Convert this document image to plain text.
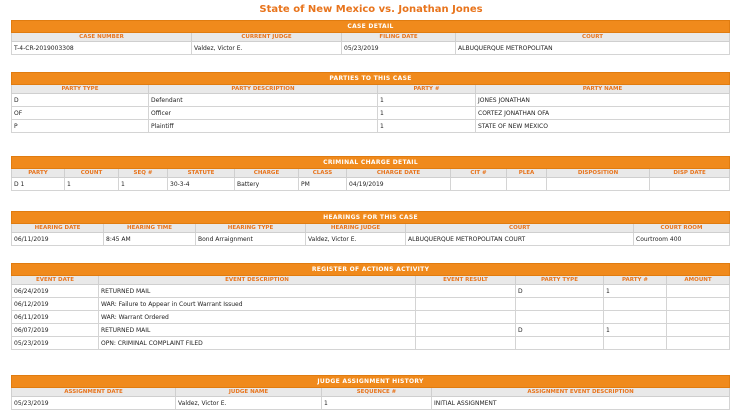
State of New Mexico vs. Jonathan Jones
CASE DETAIL			
CASE NUMBER	CURRENT JUDGE	FILING DATE	COURT
T-4-CR-2019003308	Valdez, Victor E.	05/23/2019	ALBUQUERQUE METROPOLITAN
PARTIES TO THIS CASE			
PARTY TYPE	PARTY DESCRIPTION	PARTY #	PARTY NAME
D	Defendant	1	JONES JONATHAN
OF	Officer	1	CORTEZ JONATHAN OFA
P	Plaintiff	1	STATE OF NEW MEXICO
CRIMINAL CHARGE DETAIL										
PARTY	COUNT	SEQ #	STATUTE	CHARGE	CLASS	CHARGE DATE	CIT #	PLEA	DISPOSITION	DISP DATE
D 1	1	1	30-3-4	Battery	PM	04/19/2019				
HEARINGS FOR THIS CASE					
HEARING DATE	HEARING TIME	HEARING TYPE	HEARING JUDGE	COURT	COURT ROOM
06/11/2019	8:45 AM	Bond Arraignment	Valdez, Victor E.	ALBUQUERQUE METROPOLITAN COURT	Courtroom 400
REGISTER OF ACTIONS ACTIVITY					
EVENT DATE	EVENT DESCRIPTION	EVENT RESULT	PARTY TYPE	PARTY #	AMOUNT
06/24/2019	RETURNED MAIL		D	1	
06/12/2019	WAR: Failure to Appear in Court Warrant Issued				
06/11/2019	WAR: Warrant Ordered				
06/07/2019	RETURNED MAIL		D	1	
05/23/2019	OPN: CRIMINAL COMPLAINT FILED				
JUDGE ASSIGNMENT HISTORY			
ASSIGNMENT DATE	JUDGE NAME	SEQUENCE #	ASSIGNMENT EVENT DESCRIPTION
05/23/2019	Valdez, Victor E.	1	INITIAL ASSIGNMENT
